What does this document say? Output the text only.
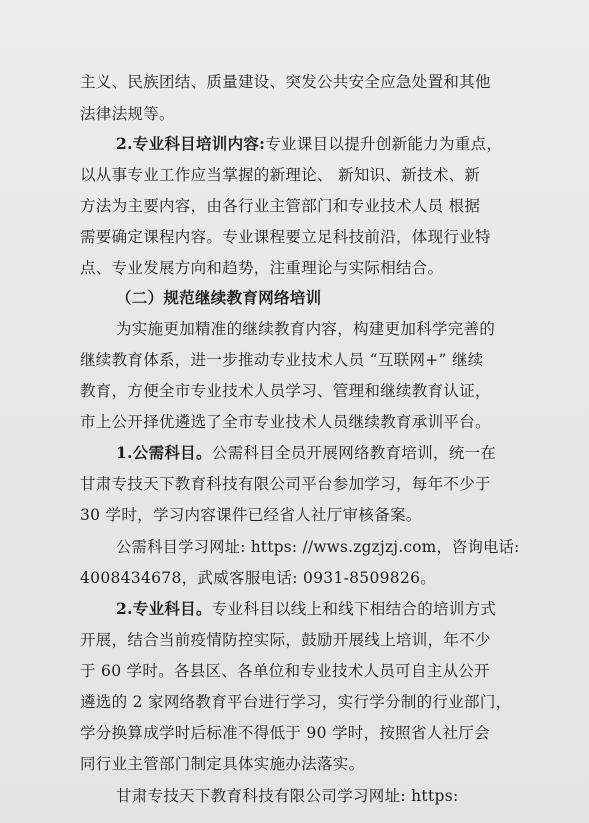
主义、民族团结、质量建设、突发公共安全应急处置和其他
法律法规等。
2.专业科目培训内容:专业课目以提升创新能力为重点，
以从事专业工作应当掌握的新理论、 新知识、新技术、新
方法为主要内容，由各行业主管部门和专业技术人员 根据
需要确定课程内容。专业课程要立足科技前沿，体现行业特
点、专业发展方向和趋势，注重理论与实际相结合。
（二）规范继续教育网络培训
为实施更加精准的继续教育内容，构建更加科学完善的
继续教育体系，进一步推动专业技术人员 “互联网+” 继续
教育，方便全市专业技术人员学习、管理和继续教育认证，
市上公开择优遴选了全市专业技术人员继续教育承训平台。
1.公需科目。公需科目全员开展网络教育培训，统一在
甘肃专技天下教育科技有限公司平台参加学习，每年不少于
30 学时，学习内容课件已经省人社厅审核备案。
公需科目学习网址: https: //wws.zgzjzj.com，咨询电话:
4008434678，武威客服电话: 0931-8509826。
2.专业科目。专业科目以线上和线下相结合的培训方式
开展，结合当前疫情防控实际，鼓励开展线上培训，年不少
于 60 学时。各县区、各单位和专业技术人员可自主从公开
遴选的 2 家网络教育平台进行学习，实行学分制的行业部门，
学分换算成学时后标准不得低于 90 学时，按照省人社厅会
同行业主管部门制定具体实施办法落实。
甘肃专技天下教育科技有限公司学习网址: https:
